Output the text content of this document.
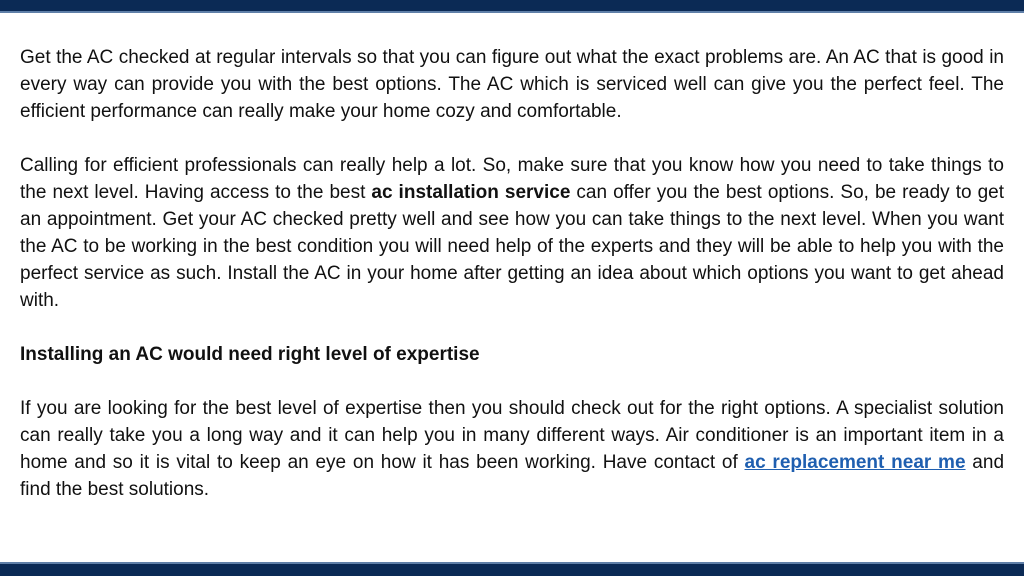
Get the AC checked at regular intervals so that you can figure out what the exact problems are. An AC that is good in every way can provide you with the best options. The AC which is serviced well can give you the perfect feel. The efficient performance can really make your home cozy and comfortable.

Calling for efficient professionals can really help a lot. So, make sure that you know how you need to take things to the next level. Having access to the best ac installation service can offer you the best options. So, be ready to get an appointment. Get your AC checked pretty well and see how you can take things to the next level. When you want the AC to be working in the best condition you will need help of the experts and they will be able to help you with the perfect service as such. Install the AC in your home after getting an idea about which options you want to get ahead with.

Installing an AC would need right level of expertise

If you are looking for the best level of expertise then you should check out for the right options. A specialist solution can really take you a long way and it can help you in many different ways. Air conditioner is an important item in a home and so it is vital to keep an eye on how it has been working. Have contact of ac replacement near me and find the best solutions.
